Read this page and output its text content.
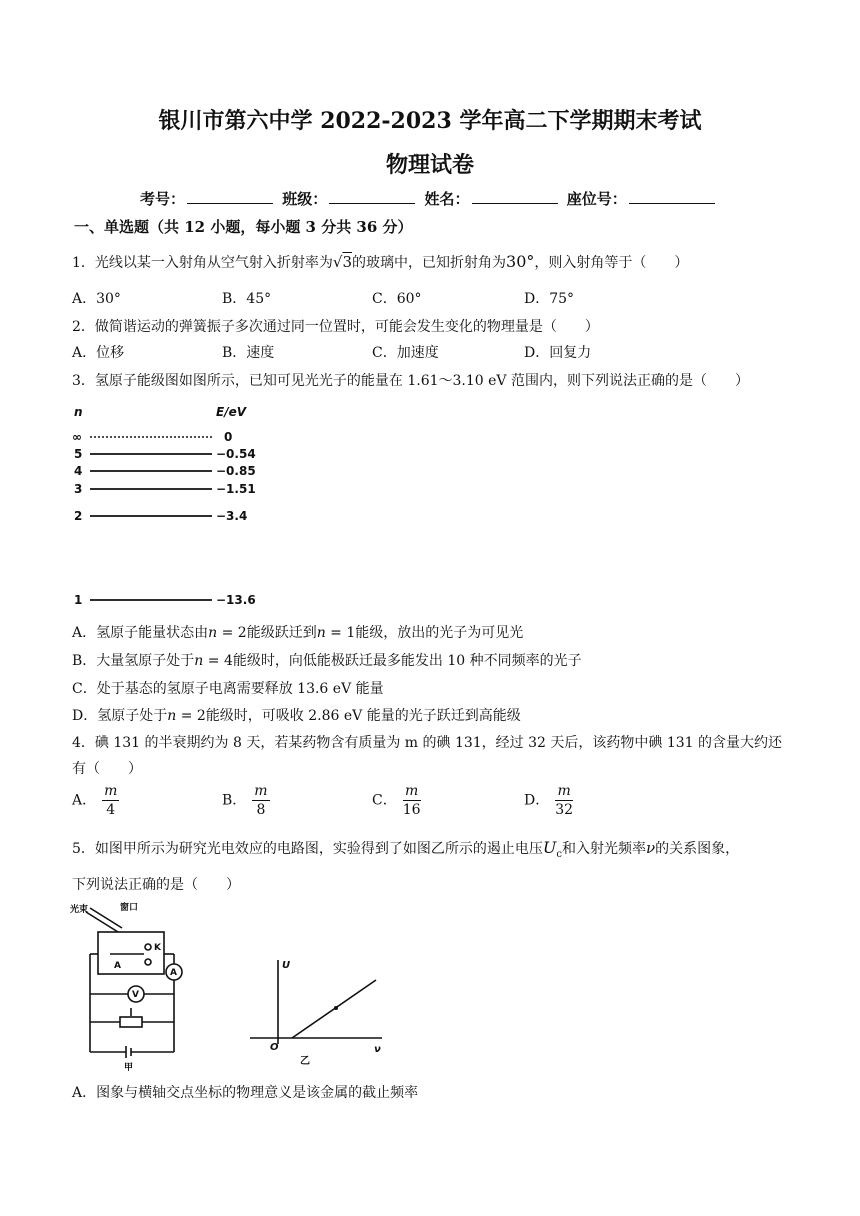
银川市第六中学 2022-2023 学年高二下学期期末考试
物理试卷
考号：	班级：	姓名：	座位号：
一、单选题（共 12 小题，每小题 3 分共 36 分）
1．光线以某一入射角从空气射入折射率为√3的玻璃中，已知折射角为30°，则入射角等于（　　）
A．30°	B．45°	C．60°	D．75°
2．做简谐运动的弹簧振子多次通过同一位置时，可能会发生变化的物理量是（　　）
A．位移	B．速度	C．加速度	D．回复力
3．氢原子能级图如图所示，已知可见光光子的能量在 1.61～3.10 eV 范围内，则下列说法正确的是（　　）
n	E/eV
∞	0
5	−0.54
4	−0.85
3	−1.51
2	−3.4
1	−13.6
A．氢原子能量状态由n = 2能级跃迁到n = 1能级，放出的光子为可见光
B．大量氢原子处于n = 4能级时，向低能极跃迁最多能发出 10 种不同频率的光子
C．处于基态的氢原子电离需要释放 13.6 eV 能量
D．氢原子处于n = 2能级时，可吸收 2.86 eV 能量的光子跃迁到高能级
4．碘 131 的半衰期约为 8 天，若某药物含有质量为 m 的碘 131，经过 32 天后，该药物中碘 131 的含量大约还
有（　　）
A． $\frac{m}{4}$	B． $\frac{m}{8}$	C． $\frac{m}{16}$	D． $\frac{m}{32}$
5．如图甲所示为研究光电效应的电路图，实验得到了如图乙所示的遏止电压$U_c$和入射光频率ν的关系图象，
下列说法正确的是（　　）
光束	窗口
K
A
A
V
甲
U
ν
O
乙
A．图象与横轴交点坐标的物理意义是该金属的截止频率
